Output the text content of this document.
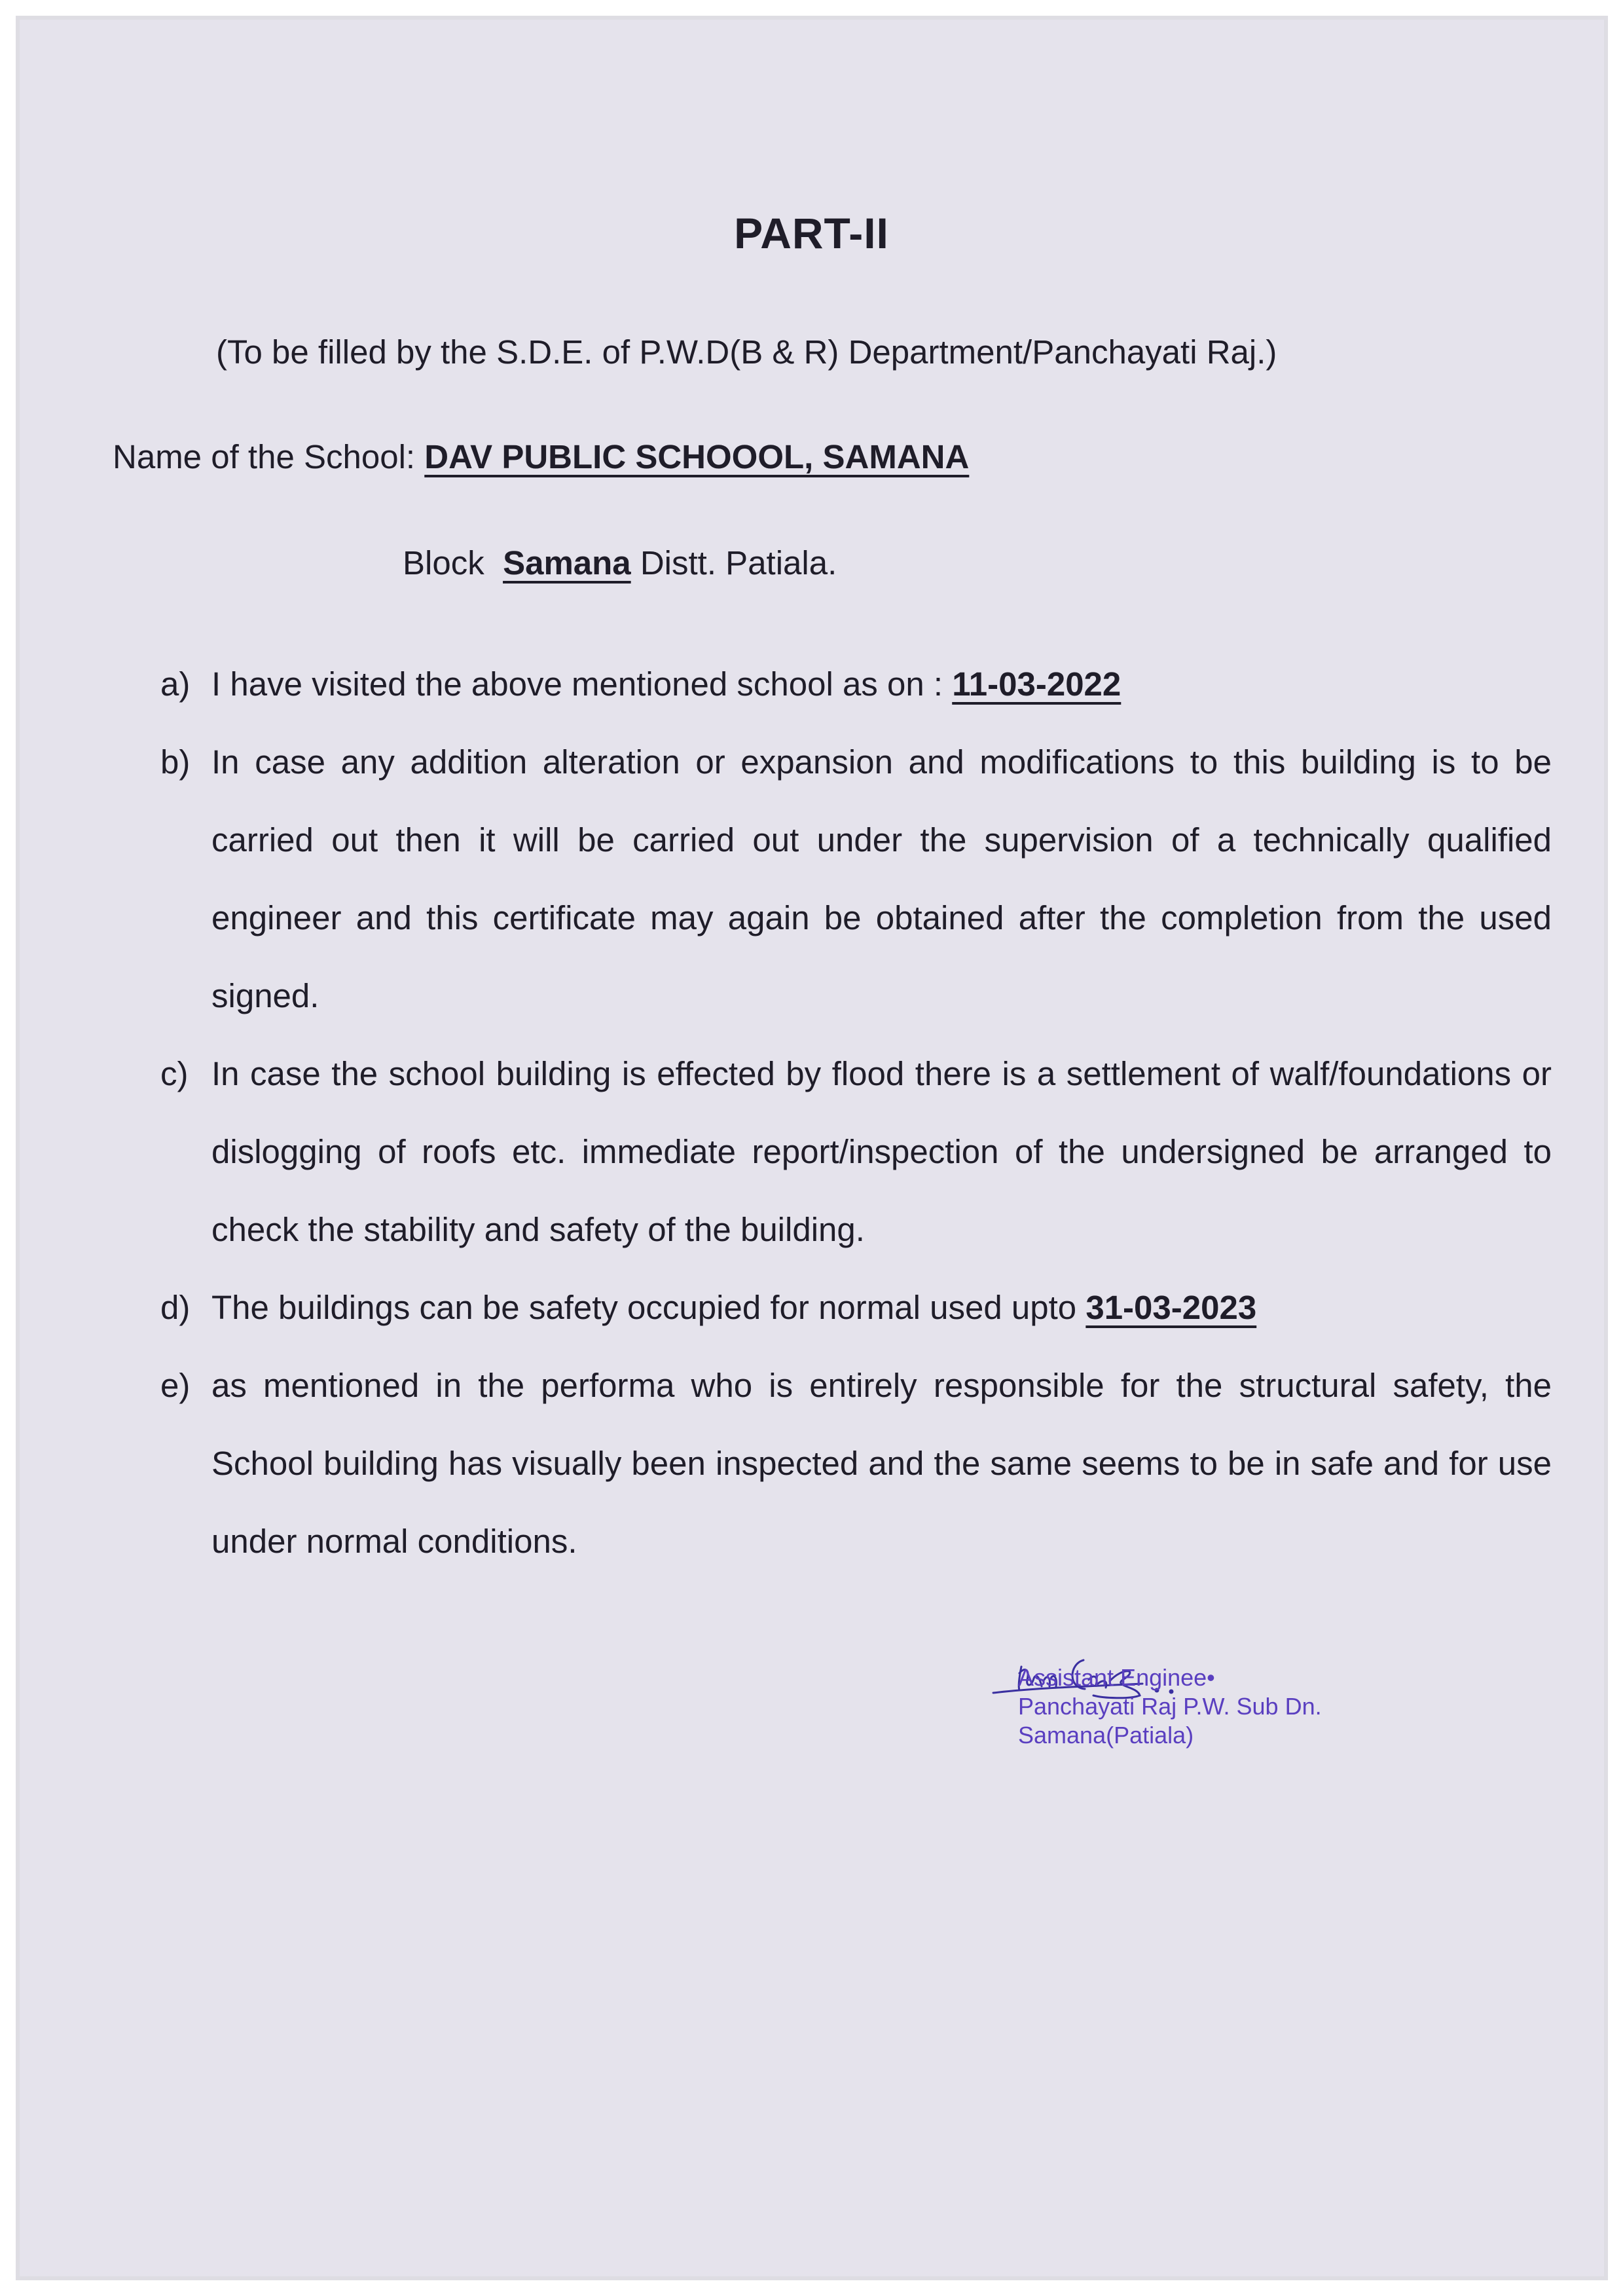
PART-II

(To be filled by the S.D.E. of P.W.D(B & R) Department/Panchayati Raj.)

Name of the School: DAV PUBLIC SCHOOOL, SAMANA
Block  Samana Distt. Patiala.
a) I have visited the above mentioned school as on : 11-03-2022
b) In case any addition alteration or expansion and modifications to this building is to be carried out then it will be carried out under the supervision of a technically qualified engineer and this certificate may again be obtained after the completion from the used signed.
c) In case the school building is effected by flood there is a settlement of walf/foundations or dislogging of roofs etc. immediate report/inspection of the undersigned be arranged to check the stability and safety of the building.
d) The buildings can be safety occupied for normal used upto 31-03-2023
e) as mentioned in the performa who is entirely responsible for the structural safety, the School building has visually been inspected and the same seems to be in safe and for use under normal conditions.
Assistant Enginee•
Panchayati Raj P.W. Sub Dn.
Samana(Patiala)
